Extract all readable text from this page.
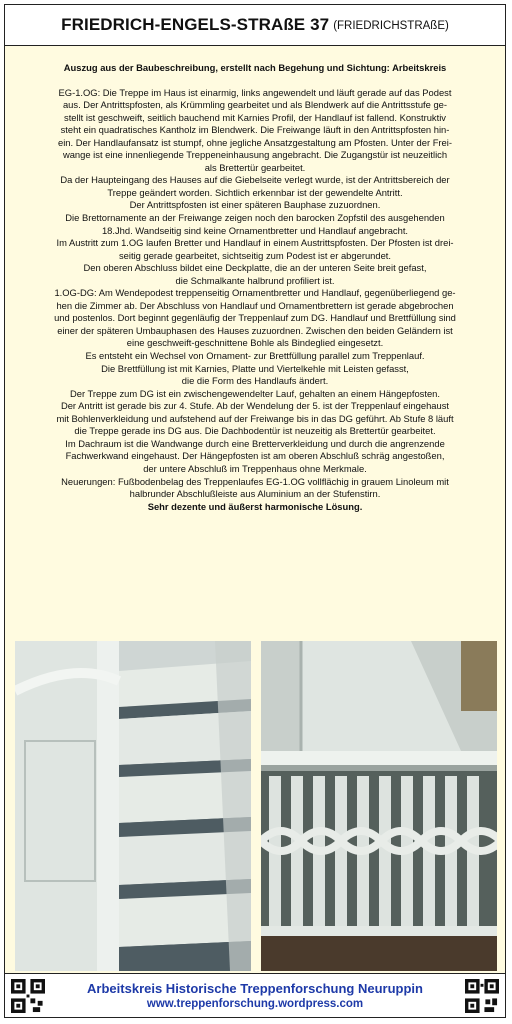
FRIEDRICH-ENGELS-STRAßE 37 (FRIEDRICHSTRAßE)

Auszug aus der Baubeschreibung, erstellt nach Begehung und Sichtung: Arbeitskreis

EG-1.OG: Die Treppe im Haus ist einarmig, links angewendelt und läuft gerade auf das Podest

aus. Der Antrittspfosten, als Krümmling gearbeitet und als Blendwerk auf die Antrittsstufe ge-

stellt ist geschweift, seitlich bauchend mit Karnies Profil, der Handlauf ist fallend. Konstruktiv

steht ein quadratisches Kantholz im Blendwerk. Die Freiwange läuft in den Antrittspfosten hin-

ein. Der Handlaufansatz ist stumpf, ohne jegliche Ansatzgestaltung am Pfosten. Unter der Frei-

wange ist eine innenliegende Treppeneinhausung angebracht. Die Zugangstür ist neuzeitlich

als Brettertür gearbeitet.

Da der Haupteingang des Hauses auf die Giebelseite verlegt wurde, ist der Antrittsbereich der

Treppe geändert worden. Sichtlich erkennbar ist der gewendelte Antritt.

Der Antrittspfosten ist einer späteren Bauphase zuzuordnen.

Die Brettornamente an der Freiwange zeigen noch den barocken Zopfstil des ausgehenden

18.Jhd. Wandseitig sind keine Ornamentbretter und Handlauf angebracht.

Im Austritt zum 1.OG laufen Bretter und Handlauf in einem Austrittspfosten. Der Pfosten ist drei-

seitig gerade gearbeitet, sichtseitig zum Podest ist er abgerundet.

Den oberen Abschluss bildet eine Deckplatte, die an der unteren Seite breit gefast,

die Schmalkante halbrund profiliert ist.

1.OG-DG: Am Wendepodest treppenseitig Ornamentbretter und Handlauf, gegenüberliegend ge-

hen die Zimmer ab. Der Abschluss von Handlauf und Ornamentbrettern ist gerade abgebrochen

und postenlos. Dort beginnt gegenläufig der Treppenlauf zum DG. Handlauf und Brettfüllung sind

einer der späteren Umbauphasen des Hauses zuzuordnen. Zwischen den beiden Geländern ist

eine geschweift-geschnittene Bohle als Bindeglied eingesetzt.

Es entsteht ein Wechsel von Ornament- zur Brettfüllung parallel zum Treppenlauf.

Die Brettfüllung ist mit Karnies, Platte und Viertelkehle mit Leisten gefasst,

die die Form des Handlaufs ändert.

Der Treppe zum DG ist ein zwischengewendelter Lauf, gehalten an einem Hängepfosten.

Der Antritt ist gerade bis zur 4. Stufe. Ab der Wendelung der 5. ist der Treppenlauf eingehaust

mit Bohlenverkleidung und aufstehend auf der Freiwange bis in das DG geführt. Ab Stufe 8 läuft

die Treppe gerade ins DG aus. Die Dachbodentür ist neuzeitig als Brettertür gearbeitet.

Im Dachraum ist die Wandwange durch eine Bretterverkleidung und durch die angrenzende

Fachwerkwand eingehaust. Der Hängepfosten ist am oberen Abschluß schräg angestoßen,

der untere Abschluß im Treppenhaus ohne Merkmale.

Neuerungen: Fußbodenbelag des Treppenlaufes EG-1.OG vollflächig in grauem Linoleum mit

halbrunder Abschlußleiste aus Aluminium an der Stufenstirn.

Sehr dezente und äußerst harmonische Lösung.

Arbeitskreis Historische Treppenforschung Neuruppin
www.treppenforschung.wordpress.com
